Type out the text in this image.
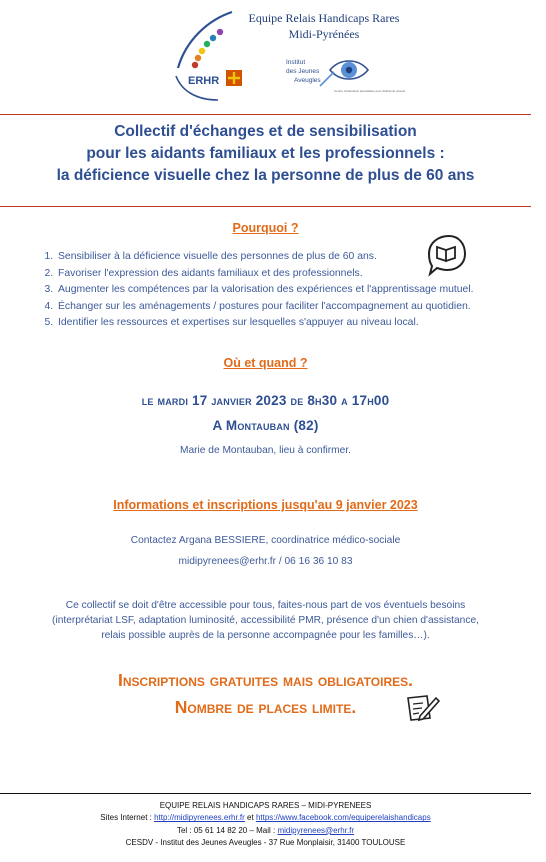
ERHR
Equipe Relais Handicaps Rares
Midi-Pyrénées
Institut
des Jeunes
Aveugles
Centre d'éducation spécialisée pour déficients visuels
Collectif d'échanges et de sensibilisation
pour les aidants familiaux et les professionnels :
la déficience visuelle chez la personne de plus de 60 ans
Pourquoi ?
1. Sensibiliser à la déficience visuelle des personnes de plus de 60 ans.
2. Favoriser l'expression des aidants familiaux et des professionnels.
3. Augmenter les compétences par la valorisation des expériences et l'apprentissage mutuel.
4. Échanger sur les aménagements / postures pour faciliter l'accompagnement au quotidien.
5. Identifier les ressources et expertises sur lesquelles s'appuyer au niveau local.
Où et quand ?
le mardi 17 janvier 2023 de 8h30 a 17h00
A Montauban (82)
Marie de Montauban, lieu à confirmer.
Informations et inscriptions jusqu'au 9 janvier 2023
Contactez Argana BESSIERE, coordinatrice médico-sociale
midipyrenees@erhr.fr / 06 16 36 10 83
Ce collectif se doit d'être accessible pour tous, faites-nous part de vos éventuels besoins
(interprétariat LSF, adaptation luminosité, accessibilité PMR, présence d'un chien d'assistance,
relais possible auprès de la personne accompagnée pour les familles…).
Inscriptions gratuites mais obligatoires.
Nombre de places limite.
EQUIPE RELAIS HANDICAPS RARES – MIDI-PYRENEES
Sites Internet : http://midipyrenees.erhr.fr et https://www.facebook.com/equiperelaishandicaps
Tel : 05 61 14 82 20 – Mail : midipyrenees@erhr.fr
CESDV - Institut des Jeunes Aveugles - 37 Rue Monplaisir, 31400 TOULOUSE
